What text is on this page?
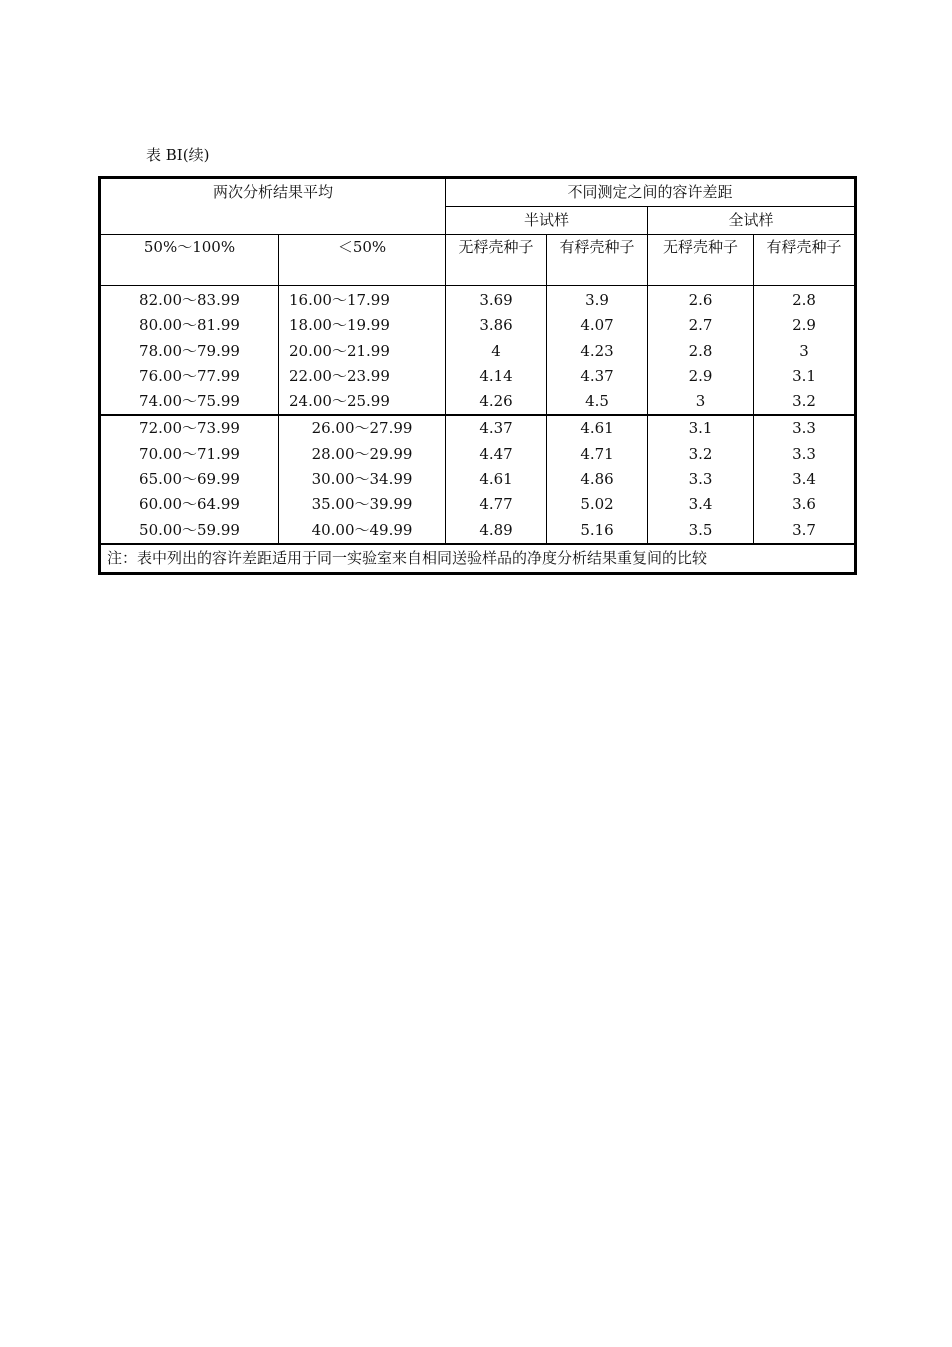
表 BI(续)
两次分析结果平均		不同测定之间的容许差距			
		半试样		全试样	
50%～100%	＜50%	无稃壳种子	有稃壳种子	无稃壳种子	有稃壳种子
82.00～83.99	16.00～17.99	3.69	3.9	2.6	2.8
80.00～81.99	18.00～19.99	3.86	4.07	2.7	2.9
78.00～79.99	20.00～21.99	4	4.23	2.8	3
76.00～77.99	22.00～23.99	4.14	4.37	2.9	3.1
74.00～75.99	24.00～25.99	4.26	4.5	3	3.2
72.00～73.99	26.00～27.99	4.37	4.61	3.1	3.3
70.00～71.99	28.00～29.99	4.47	4.71	3.2	3.3
65.00～69.99	30.00～34.99	4.61	4.86	3.3	3.4
60.00～64.99	35.00～39.99	4.77	5.02	3.4	3.6
50.00～59.99	40.00～49.99	4.89	5.16	3.5	3.7
注：表中列出的容许差距适用于同一实验室来自相同送验样品的净度分析结果重复间的比较					
